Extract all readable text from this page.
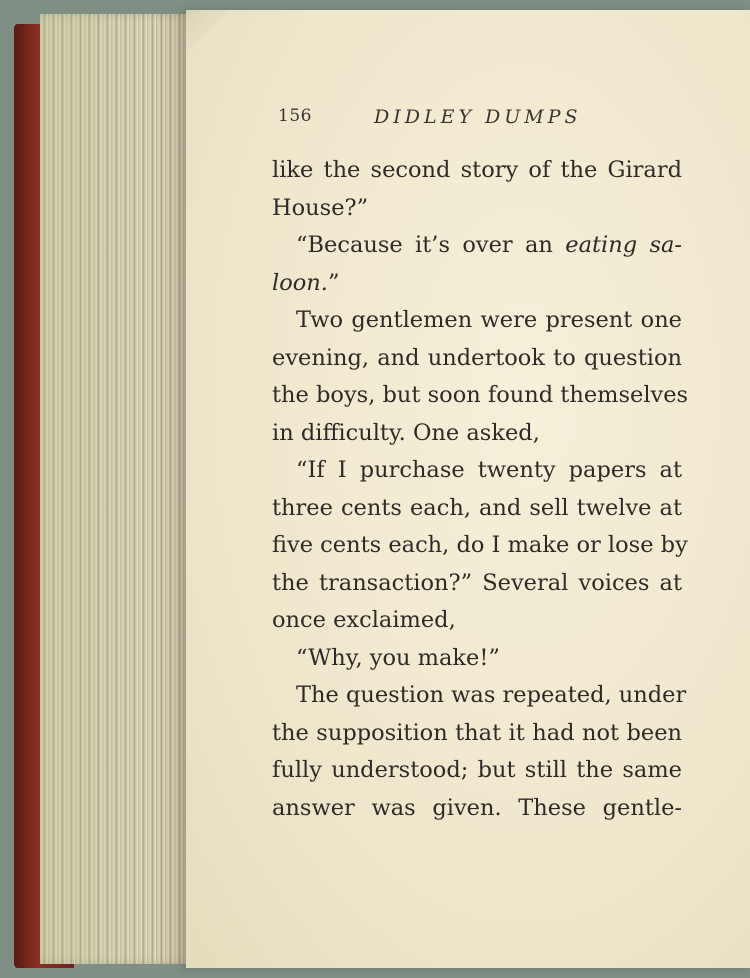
156	DIDLEY DUMPS
like the second story of the Girard
House?”
“Because it’s over an eating sa-
loon.”
Two gentlemen were present one
evening, and undertook to question
the boys, but soon found themselves
in difficulty. One asked,
“If I purchase twenty papers at
three cents each, and sell twelve at
five cents each, do I make or lose by
the transaction?” Several voices at
once exclaimed,
“Why, you make!”
The question was repeated, under
the supposition that it had not been
fully understood; but still the same
answer was given. These gentle-
